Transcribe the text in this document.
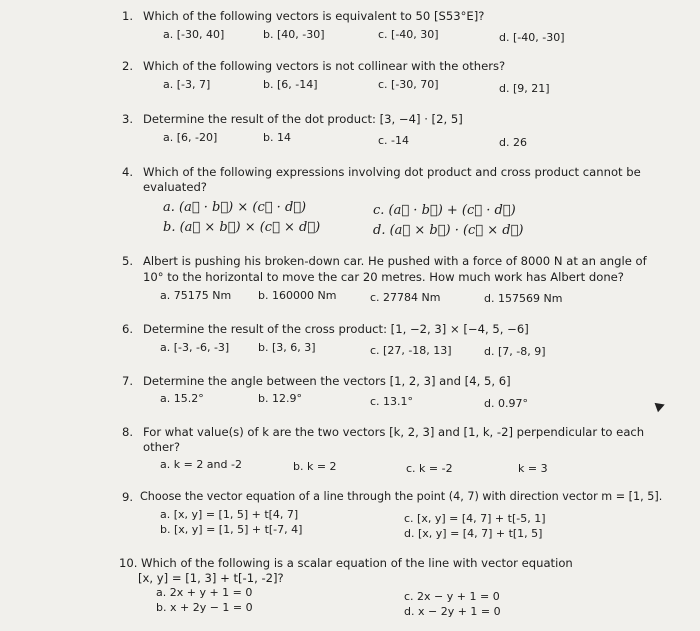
1. Which of the following vectors is equivalent to 50 [S53°E]?
a. [-30, 40]	b. [40, -30]	c. [-40, 30]	d. [-40, -30]
2. Which of the following vectors is not collinear with the others?
a. [-3, 7]	b. [6, -14]	c. [-30, 70]	d. [9, 21]
3. Determine the result of the dot product: [3, −4] · [2, 5]
a. [6, -20]	b. 14	c. -14	d. 26
4. Which of the following expressions involving dot product and cross product cannot be
evaluated?
a. (a⃗ · b⃗) × (c⃗ · d⃗)
b. (a⃗ × b⃗) × (c⃗ × d⃗)
c. (a⃗ · b⃗) + (c⃗ · d⃗)
d. (a⃗ × b⃗) · (c⃗ × d⃗)
5. Albert is pushing his broken-down car. He pushed with a force of 8000 N at an angle of
10° to the horizontal to move the car 20 metres. How much work has Albert done?
a. 75175 Nm b. 160000 Nm	c. 27784 Nm	d. 157569 Nm
6. Determine the result of the cross product: [1, −2, 3] × [−4, 5, −6]
a. [-3, -6, -3]	b. [3, 6, 3]	c. [27, -18, 13]	d. [7, -8, 9]
7. Determine the angle between the vectors [1, 2, 3] and [4, 5, 6]
a. 15.2°	b. 12.9°	c. 13.1°	d. 0.97°
8. For what value(s) of k are the two vectors [k, 2, 3] and [1, k, -2] perpendicular to each
other?
a. k = 2 and -2	b. k = 2	c. k = -2	k = 3
9. Choose the vector equation of a line through the point (4, 7) with direction vector m = [1, 5].
a. [x, y] = [1, 5] + t[4, 7]
b. [x, y] = [1, 5] + t[-7, 4]
c. [x, y] = [4, 7] + t[-5, 1]
d. [x, y] = [4, 7] + t[1, 5]
10. Which of the following is a scalar equation of the line with vector equation
[x, y] = [1, 3] + t[-1, -2]?
a. 2x + y + 1 = 0
b. x + 2y − 1 = 0
c. 2x − y + 1 = 0
d. x − 2y + 1 = 0
